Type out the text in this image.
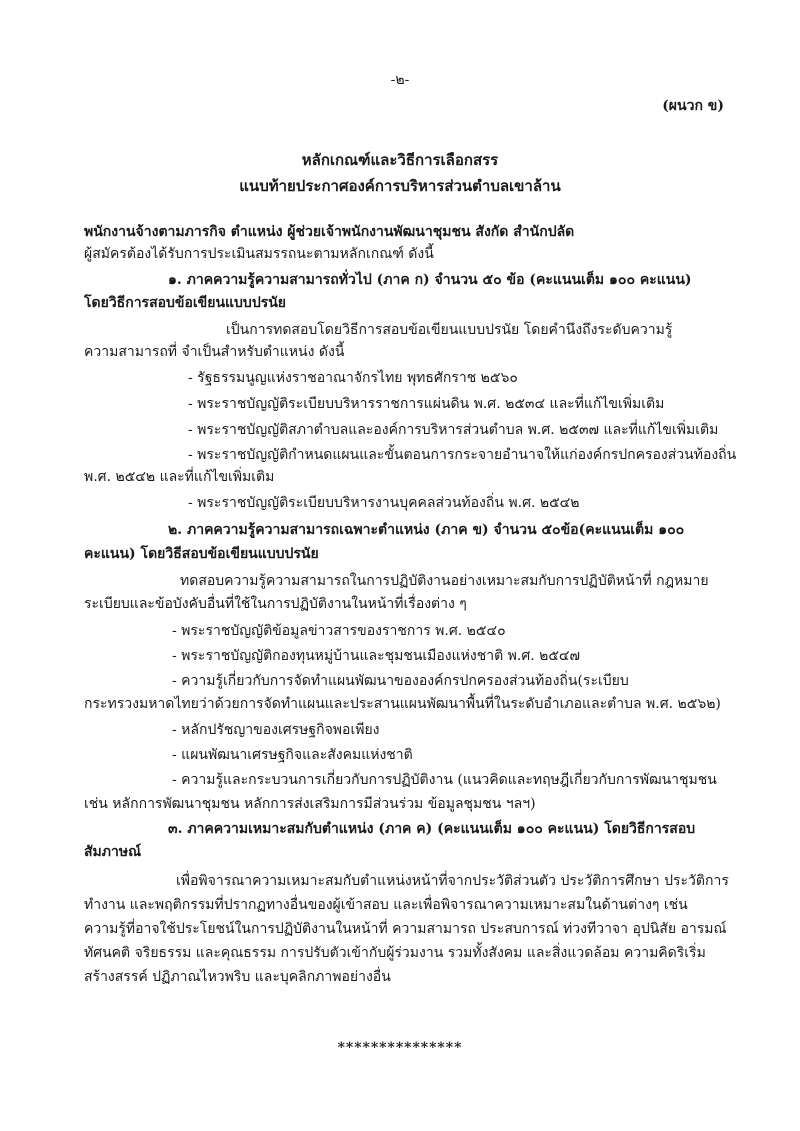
-๒-
(ผนวก ข)
หลักเกณฑ์และวิธีการเลือกสรร
แนบท้ายประกาศองค์การบริหารส่วนตำบลเขาล้าน
พนักงานจ้างตามภารกิจ ตำแหน่ง ผู้ช่วยเจ้าพนักงานพัฒนาชุมชน สังกัด สำนักปลัด
ผู้สมัครต้องได้รับการประเมินสมรรถนะตามหลักเกณฑ์ ดังนี้
๑. ภาคความรู้ความสามารถทั่วไป (ภาค ก) จำนวน ๕๐ ข้อ (คะแนนเต็ม ๑๐๐ คะแนน)
โดยวิธีการสอบข้อเขียนแบบปรนัย
เป็นการทดสอบโดยวิธีการสอบข้อเขียนแบบปรนัย โดยคำนึงถึงระดับความรู้
ความสามารถที่ จำเป็นสำหรับตำแหน่ง ดังนี้
- รัฐธรรมนูญแห่งราชอาณาจักรไทย พุทธศักราช ๒๕๖๐
- พระราชบัญญัติระเบียบบริหารราชการแผ่นดิน พ.ศ. ๒๕๓๔ และที่แก้ไขเพิ่มเติม
- พระราชบัญญัติสภาตำบลและองค์การบริหารส่วนตำบล พ.ศ. ๒๕๓๗ และที่แก้ไขเพิ่มเติม
- พระราชบัญญัติกำหนดแผนและขั้นตอนการกระจายอำนาจให้แก่องค์กรปกครองส่วนท้องถิ่น
พ.ศ. ๒๕๔๒ และที่แก้ไขเพิ่มเติม
- พระราชบัญญัติระเบียบบริหารงานบุคคลส่วนท้องถิ่น พ.ศ. ๒๕๔๒
๒. ภาคความรู้ความสามารถเฉพาะตำแหน่ง (ภาค ข) จำนวน ๕๐ข้อ(คะแนนเต็ม ๑๐๐
คะแนน) โดยวิธีสอบข้อเขียนแบบปรนัย
ทดสอบความรู้ความสามารถในการปฏิบัติงานอย่างเหมาะสมกับการปฏิบัติหน้าที่ กฎหมาย
ระเบียบและข้อบังคับอื่นที่ใช้ในการปฏิบัติงานในหน้าที่เรื่องต่าง ๆ
- พระราชบัญญัติข้อมูลข่าวสารของราชการ พ.ศ. ๒๕๔๐
- พระราชบัญญัติกองทุนหมู่บ้านและชุมชนเมืองแห่งชาติ พ.ศ. ๒๕๔๗
- ความรู้เกี่ยวกับการจัดทำแผนพัฒนาขององค์กรปกครองส่วนท้องถิ่น(ระเบียบ
กระทรวงมหาดไทยว่าด้วยการจัดทำแผนและประสานแผนพัฒนาพื้นที่ในระดับอำเภอและตำบล พ.ศ. ๒๕๖๒)
- หลักปรัชญาของเศรษฐกิจพอเพียง
- แผนพัฒนาเศรษฐกิจและสังคมแห่งชาติ
- ความรู้และกระบวนการเกี่ยวกับการปฏิบัติงาน (แนวคิดและทฤษฎีเกี่ยวกับการพัฒนาชุมชน
เช่น หลักการพัฒนาชุมชน หลักการส่งเสริมการมีส่วนร่วม ข้อมูลชุมชน ฯลฯ)
๓. ภาคความเหมาะสมกับตำแหน่ง (ภาค ค) (คะแนนเต็ม ๑๐๐ คะแนน) โดยวิธีการสอบ
สัมภาษณ์
เพื่อพิจารณาความเหมาะสมกับตำแหน่งหน้าที่จากประวัติส่วนตัว ประวัติการศึกษา ประวัติการ
ทำงาน และพฤติกรรมที่ปรากฏทางอื่นของผู้เข้าสอบ และเพื่อพิจารณาความเหมาะสมในด้านต่างๆ เช่น
ความรู้ที่อาจใช้ประโยชน์ในการปฏิบัติงานในหน้าที่ ความสามารถ ประสบการณ์ ท่วงทีวาจา อุปนิสัย อารมณ์
ทัศนคติ จริยธรรม และคุณธรรม การปรับตัวเข้ากับผู้ร่วมงาน รวมทั้งสังคม และสิ่งแวดล้อม ความคิดริเริ่ม
สร้างสรรค์ ปฏิภาณไหวพริบ และบุคลิกภาพอย่างอื่น
***************
